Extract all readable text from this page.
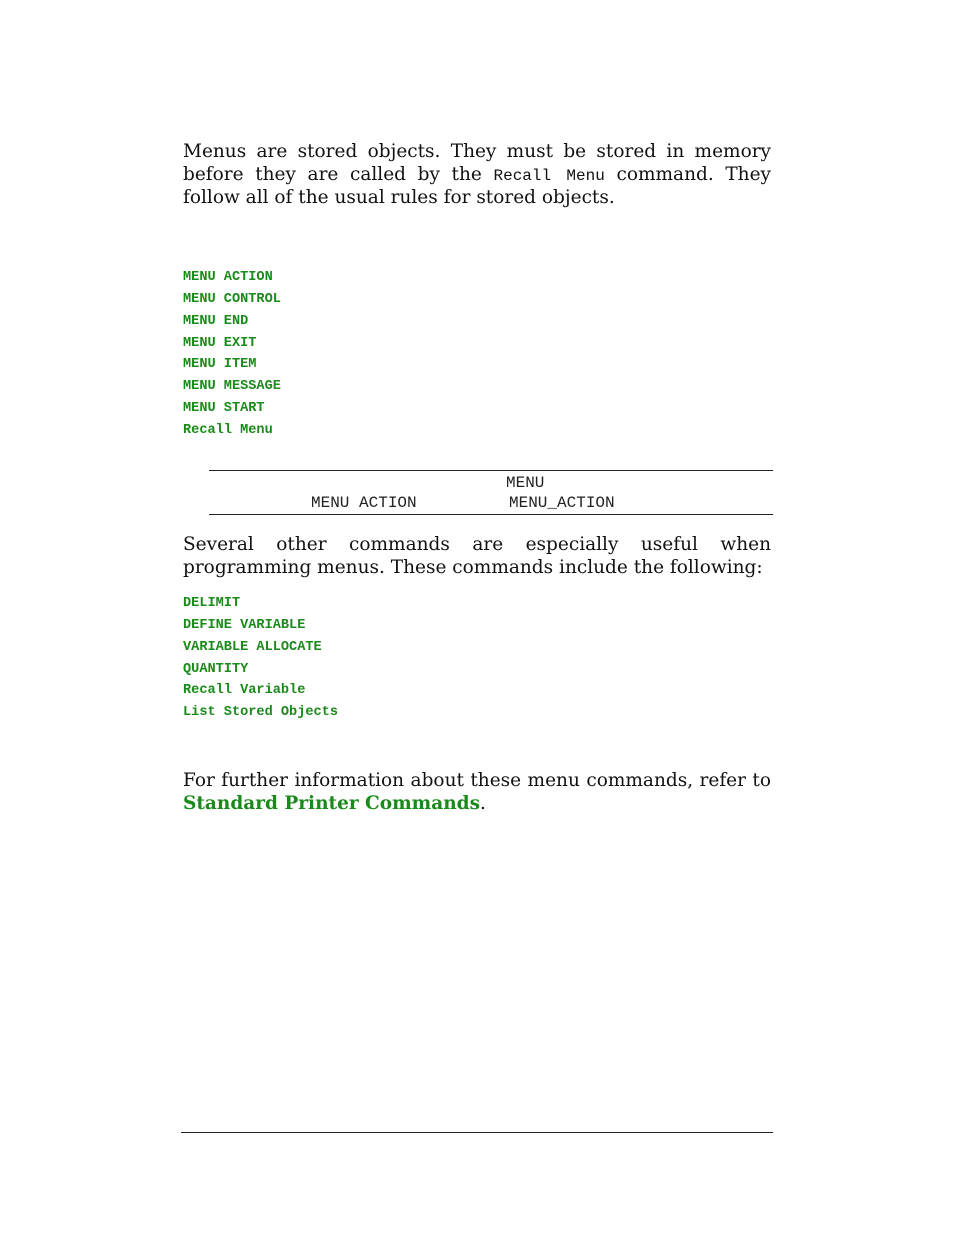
Menus are stored objects. They must be stored in memory before they are called by the Recall Menu command. They follow all of the usual rules for stored objects.

MENU ACTION
MENU CONTROL
MENU END
MENU EXIT
MENU ITEM
MENU MESSAGE
MENU START
Recall Menu
MENU
MENU ACTION	MENU_ACTION

Several other commands are especially useful when programming menus. These commands include the following:

DELIMIT
DEFINE VARIABLE
VARIABLE ALLOCATE
QUANTITY
Recall Variable
List Stored Objects

For further information about these menu commands, refer to Standard Printer Commands.
